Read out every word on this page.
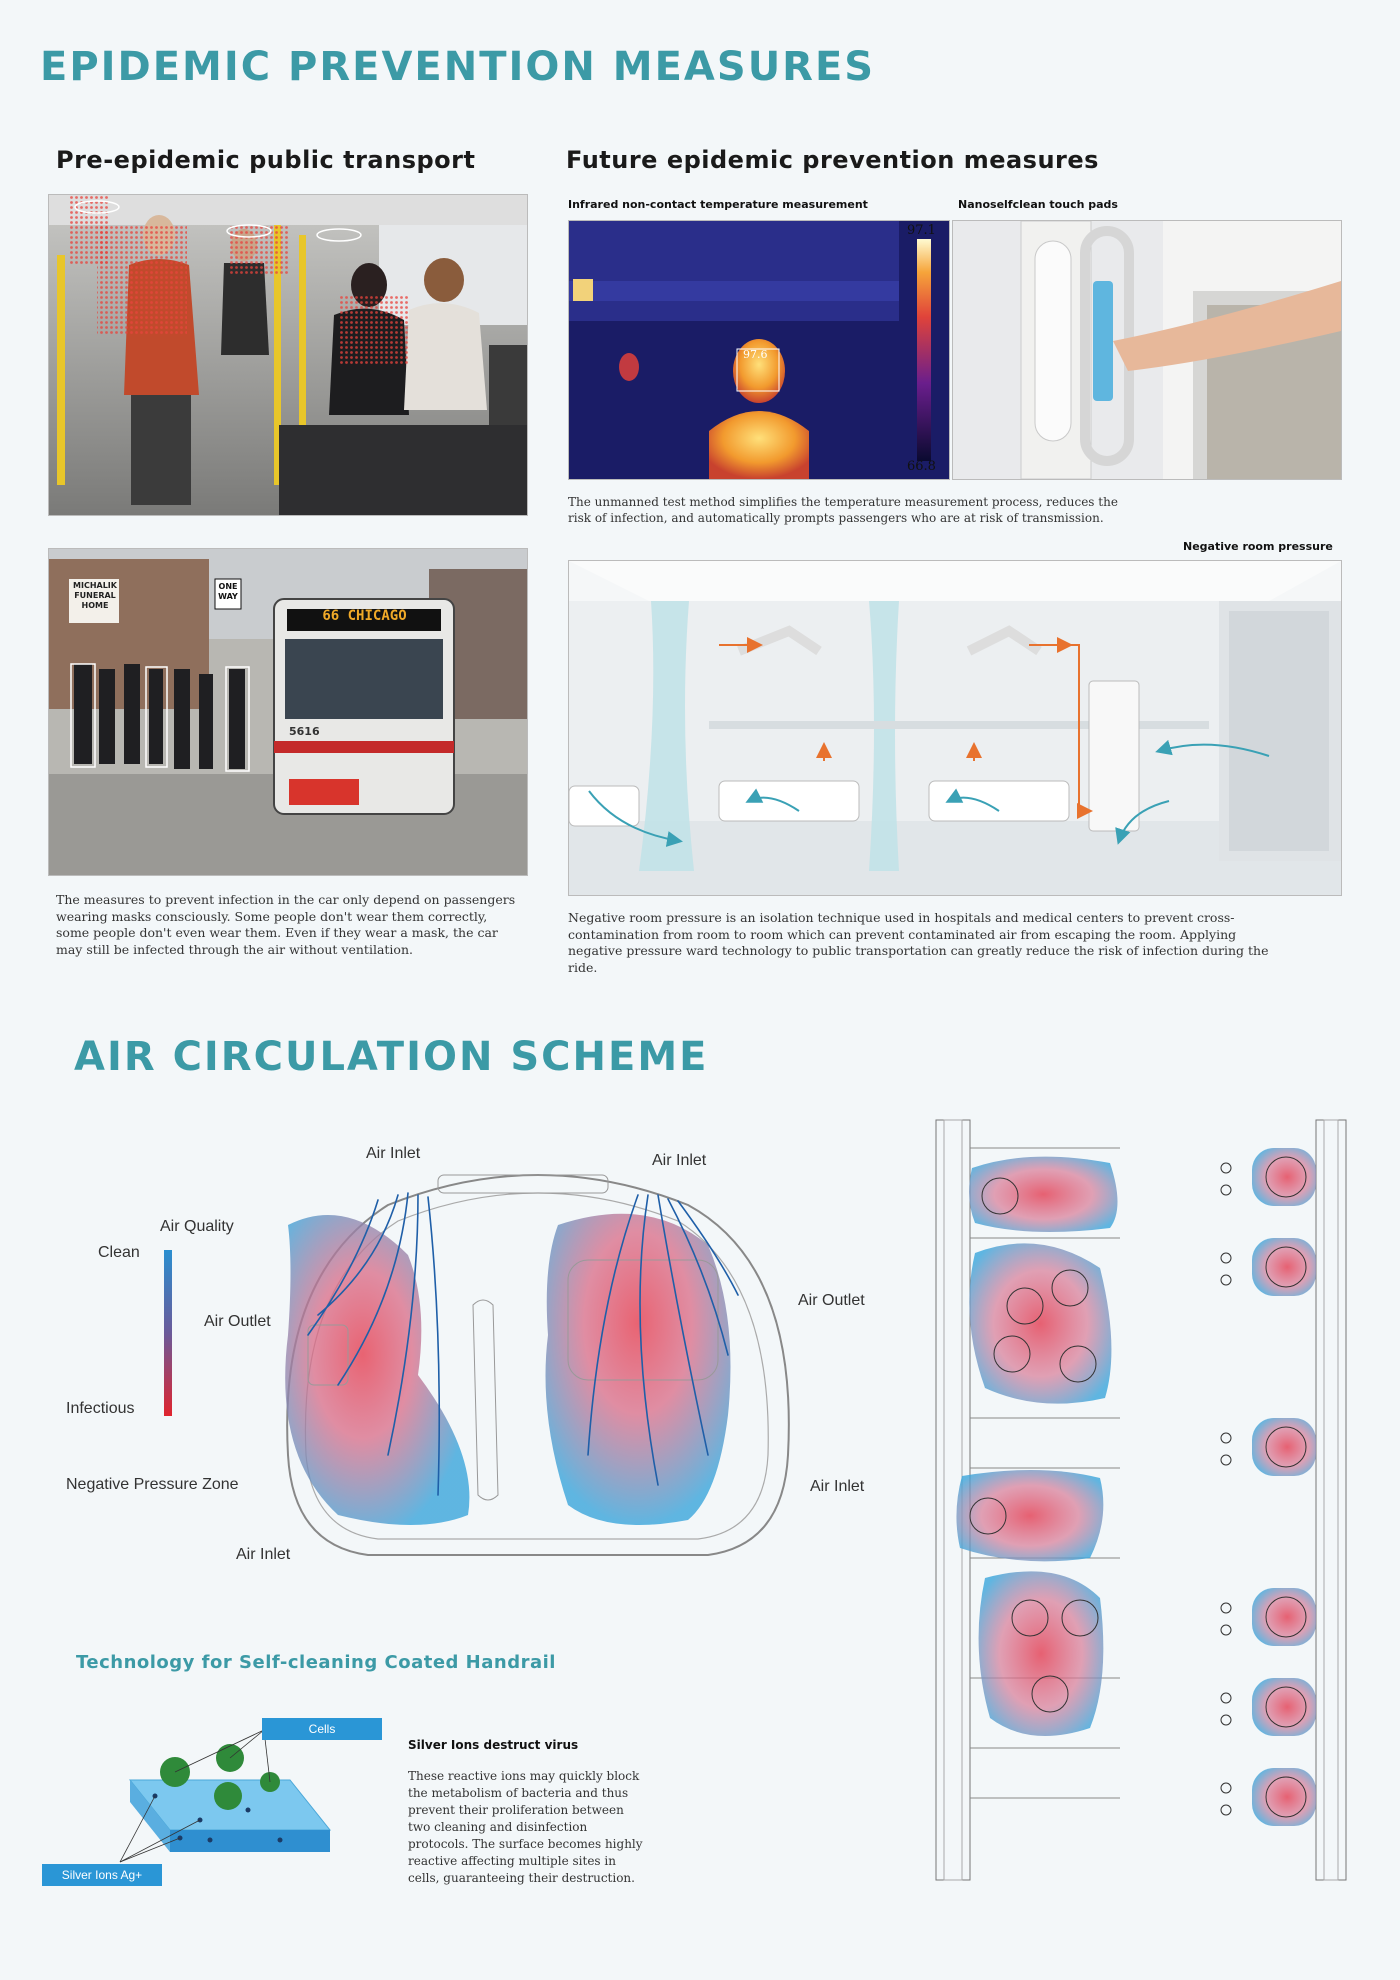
EPIDEMIC PREVENTION MEASURES
Pre-epidemic public transport
66 CHICAGO
MICHALIK FUNERAL HOME
ONE WAY
5616
The measures to prevent infection in the car only depend on passengers wearing masks consciously. Some people don't wear them correctly, some people don't even wear them. Even if they wear a mask, the car may still be infected through the air without ventilation.
Future epidemic prevention measures
Infrared non-contact temperature measurement	Nanoselfclean touch pads
97.1
66.8
97.6
The unmanned test method simplifies the temperature measurement process, reduces the risk of infection, and automatically prompts passengers who are at risk of transmission.
Negative room pressure
Negative room pressure is an isolation technique used in hospitals and medical centers to prevent cross-contamination from room to room which can prevent contaminated air from escaping the room. Applying negative pressure ward technology to public transportation can greatly reduce the risk of infection during the ride.
AIR CIRCULATION SCHEME
Air Quality
Clean
Infectious
Air Inlet	Air Inlet
Air Outlet
Air Outlet
Air Inlet
Air Inlet
Negative Pressure Zone
Technology for Self-cleaning Coated Handrail
Cells
Silver Ions Ag+
Silver Ions destruct virus
These reactive ions may quickly block the metabolism of bacteria and thus prevent their proliferation between two cleaning and disinfection protocols. The surface becomes highly reactive affecting multiple sites in cells, guaranteeing their destruction.
